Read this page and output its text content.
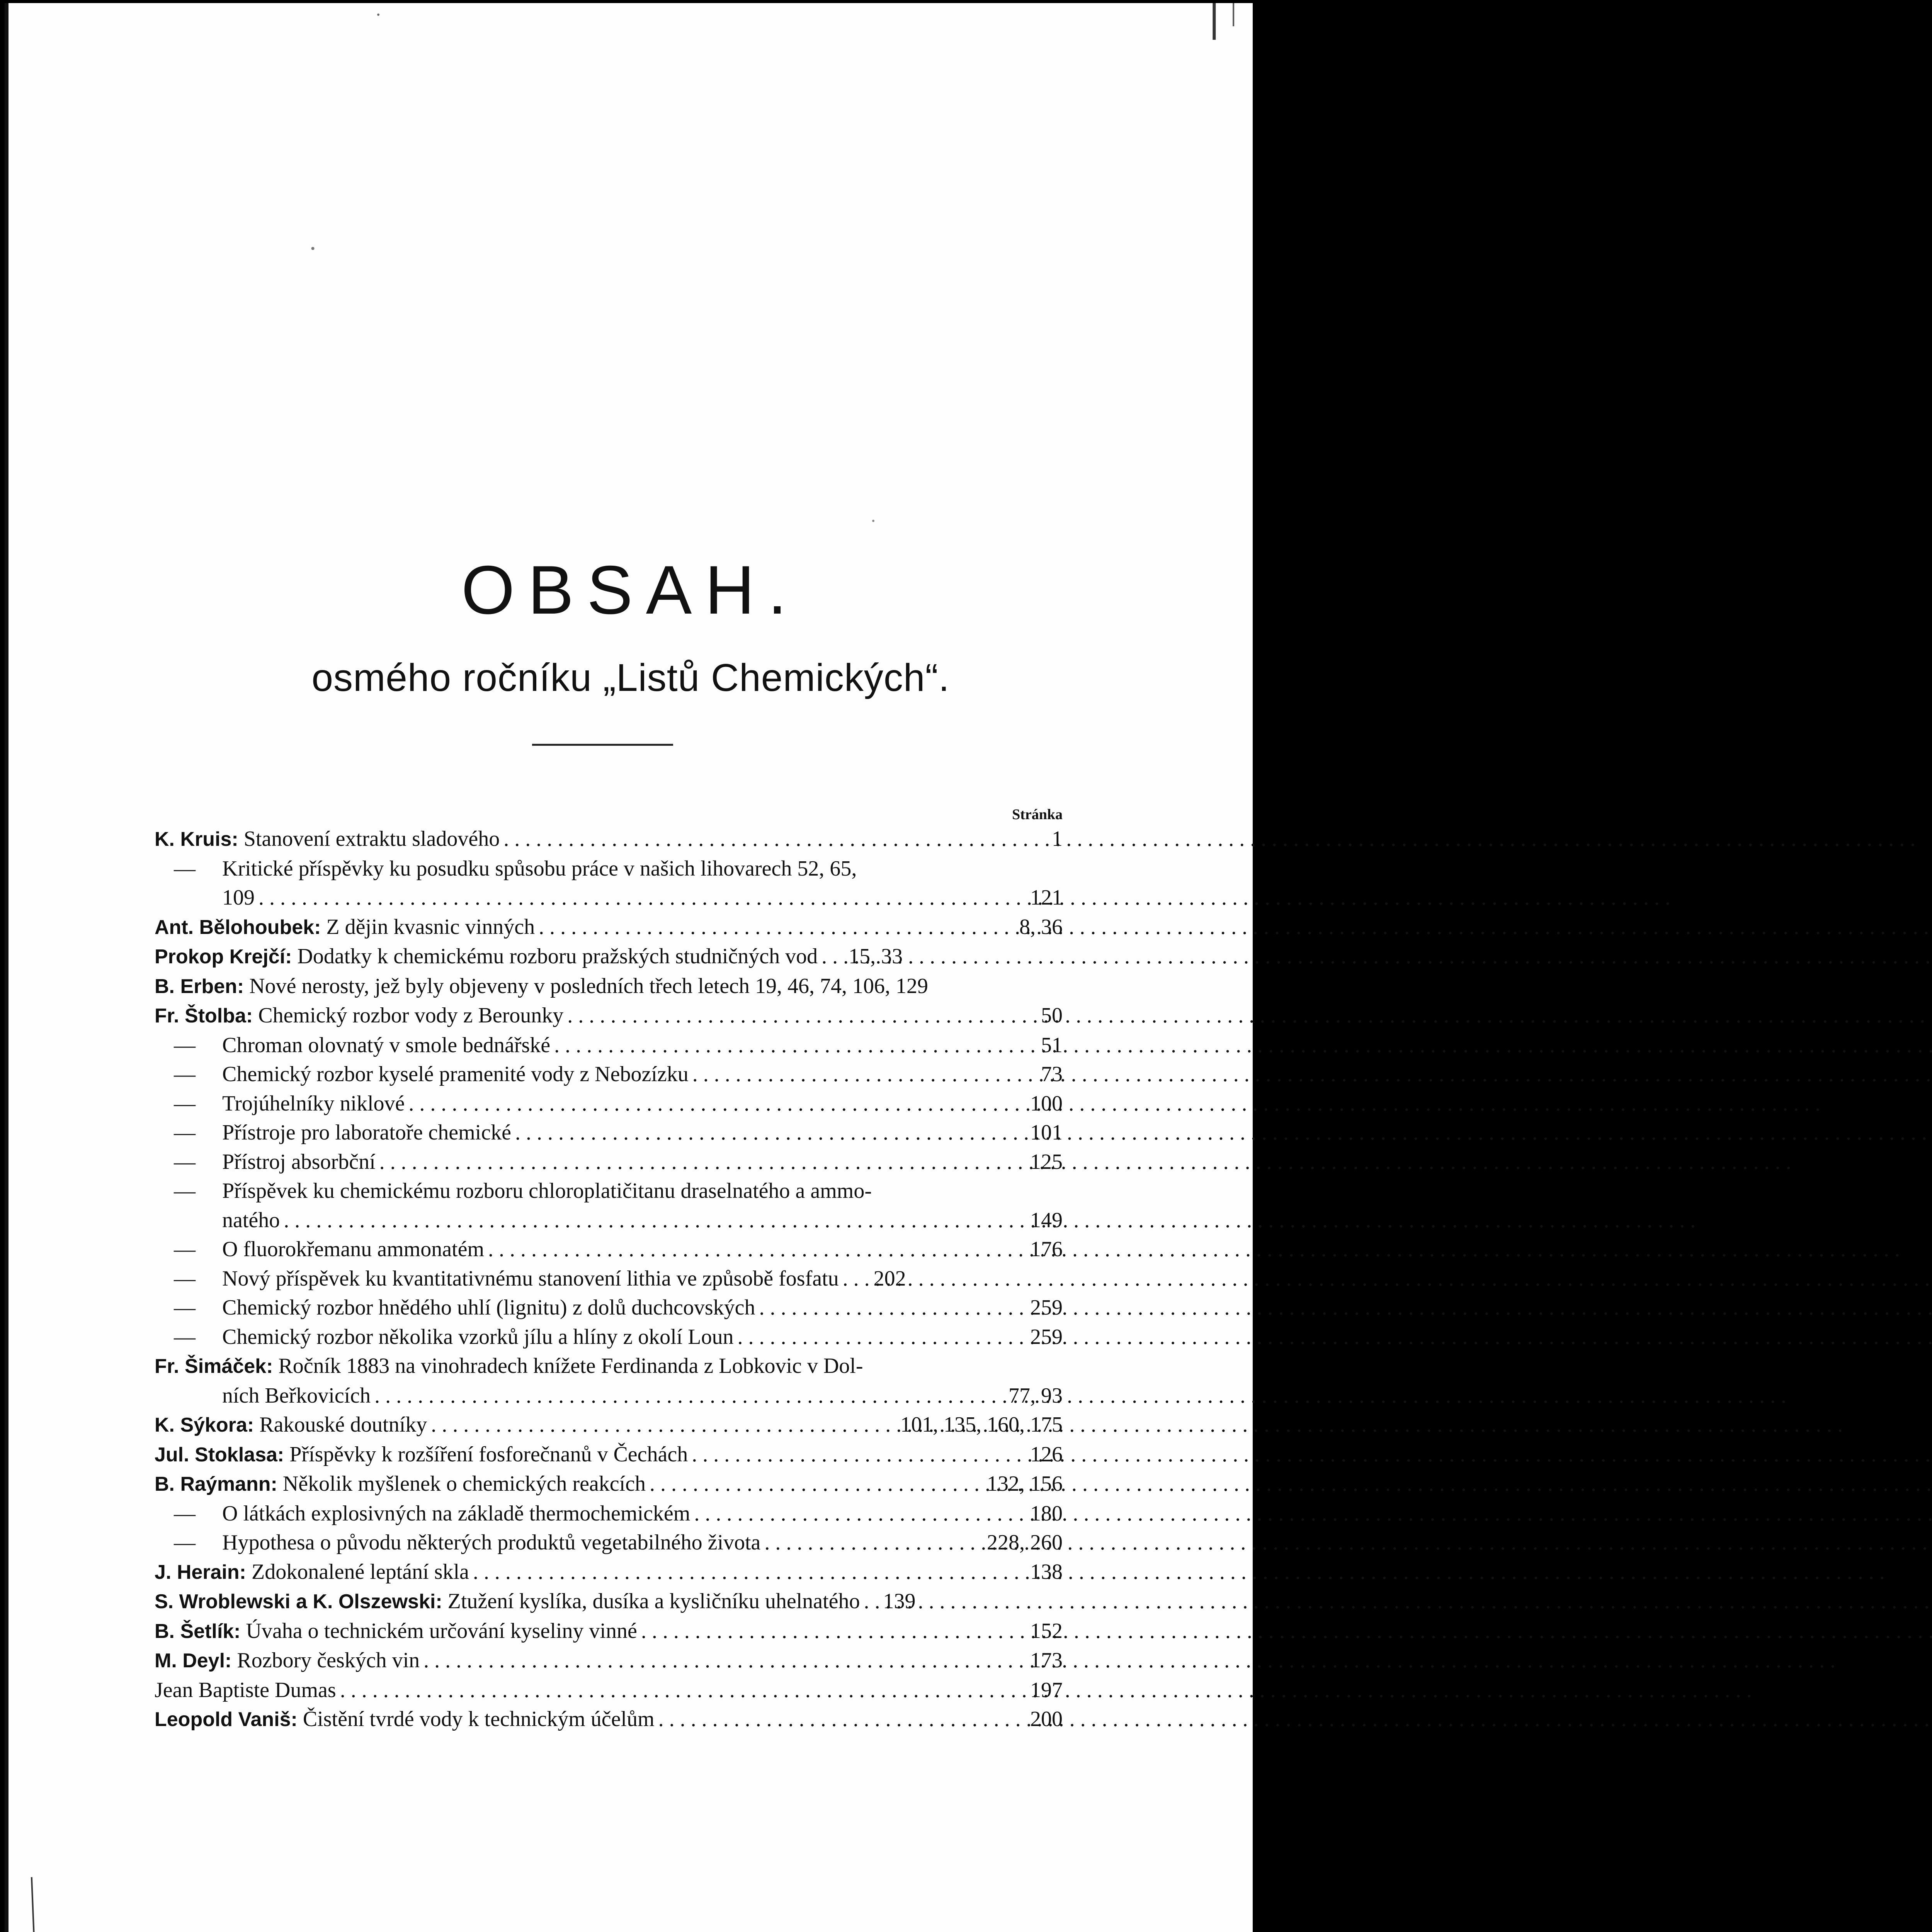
OBSAH.
osmého ročníku „Listů Chemických“.
Stránka
K. Kruis: Stanovení extraktu sladového . . .	1
— Kritické příspěvky ku posudku spůsobu práce v našich lihovarech 52, 65,
109 . . .	121
Ant. Bělohoubek: Z dějin kvasnic vinných . . .	8, 36
Prokop Krejčí: Dodatky k chemickému rozboru pražských studničných vod . . . 15, 33
B. Erben: Nové nerosty, jež byly objeveny v posledních třech letech 19, 46, 74, 106, 129
Fr. Štolba: Chemický rozbor vody z Berounky . . .	50
— Chroman olovnatý v smole bednářské . . .	51
— Chemický rozbor kyselé pramenité vody z Nebozízku . . .	73
— Trojúhelníky niklové . . .	100
— Přístroje pro laboratoře chemické . . .	101
— Přístroj absorbční . . .	125
— Příspěvek ku chemickému rozboru chloroplatičitanu draselnatého a ammo-
natého . . .	149
— O fluorokřemanu ammonatém . . .	176
— Nový příspěvek ku kvantitativnému stanovení lithia ve způsobě fosfatu . . . 202
— Chemický rozbor hnědého uhlí (lignitu) z dolů duchcovských . . .	259
— Chemický rozbor několika vzorků jílu a hlíny z okolí Loun . . .	259
Fr. Šimáček: Ročník 1883 na vinohradech knížete Ferdinanda z Lobkovic v Dol-
ních Beřkovicích . . .	77, 93
K. Sýkora: Rakouské doutníky . . .	101, 135, 160, 175
Jul. Stoklasa: Příspěvky k rozšíření fosforečnanů v Čechách . . .	126
B. Raýmann: Několik myšlenek o chemických reakcích . . .	132, 156
— O látkách explosivných na základě thermochemickém . . .	180
— Hypothesa o původu některých produktů vegetabilného života . . .	228, 260
J. Herain: Zdokonalené leptání skla . . .	138
S. Wroblewski a K. Olszewski: Ztužení kyslíka, dusíka a kysličníku uhelnatého . . . 139
B. Šetlík: Úvaha o technickém určování kyseliny vinné . . .	152
M. Deyl: Rozbory českých vin . . .	173
Jean Baptiste Dumas . . .	197
Leopold Vaniš: Čistění tvrdé vody k technickým účelům . . .	200
